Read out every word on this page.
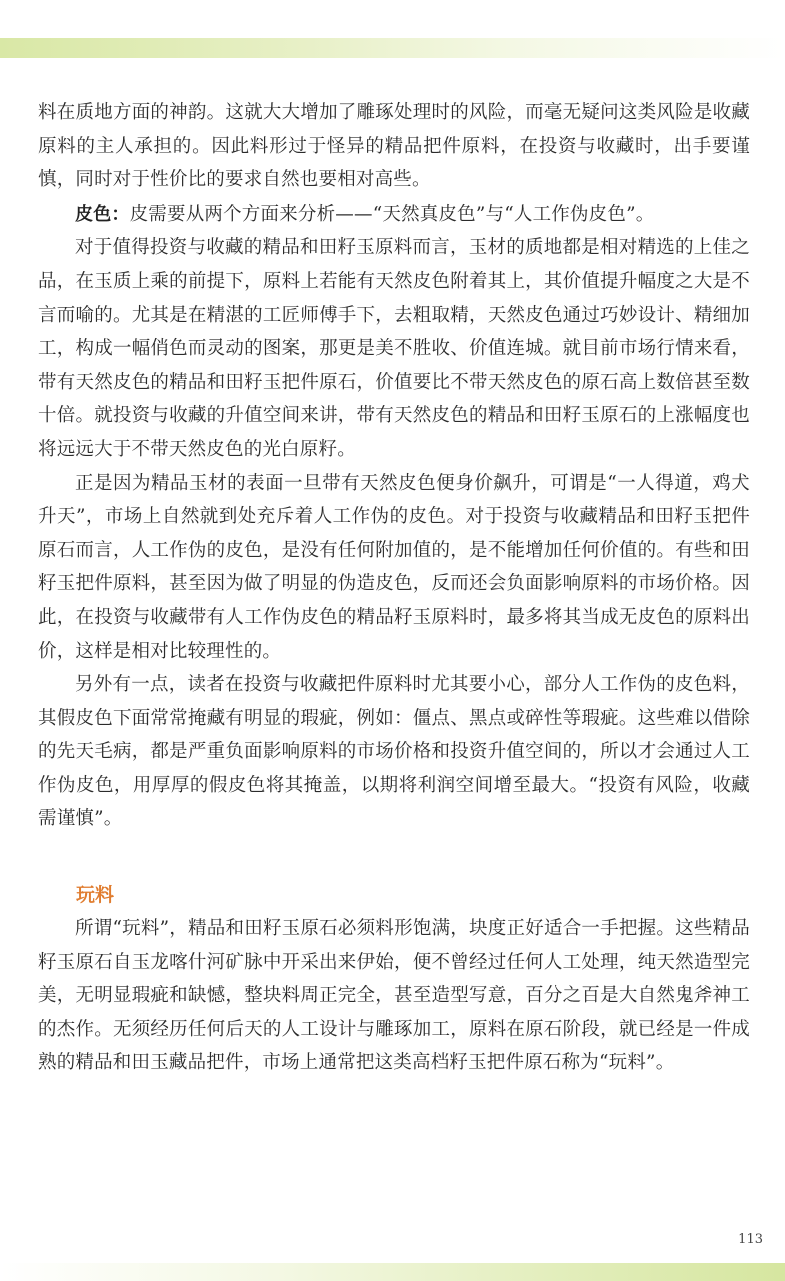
料在质地方面的神韵。这就大大增加了雕琢处理时的风险，而毫无疑问这类风险是收藏原料的主人承担的。因此料形过于怪异的精品把件原料，在投资与收藏时，出手要谨慎，同时对于性价比的要求自然也要相对高些。

皮色：皮需要从两个方面来分析——“天然真皮色”与“人工作伪皮色”。

对于值得投资与收藏的精品和田籽玉原料而言，玉材的质地都是相对精选的上佳之品，在玉质上乘的前提下，原料上若能有天然皮色附着其上，其价值提升幅度之大是不言而喻的。尤其是在精湛的工匠师傅手下，去粗取精，天然皮色通过巧妙设计、精细加工，构成一幅俏色而灵动的图案，那更是美不胜收、价值连城。就目前市场行情来看，带有天然皮色的精品和田籽玉把件原石，价值要比不带天然皮色的原石高上数倍甚至数十倍。就投资与收藏的升值空间来讲，带有天然皮色的精品和田籽玉原石的上涨幅度也将远远大于不带天然皮色的光白原籽。

正是因为精品玉材的表面一旦带有天然皮色便身价飙升，可谓是“一人得道，鸡犬升天”，市场上自然就到处充斥着人工作伪的皮色。对于投资与收藏精品和田籽玉把件原石而言，人工作伪的皮色，是没有任何附加值的，是不能增加任何价值的。有些和田籽玉把件原料，甚至因为做了明显的伪造皮色，反而还会负面影响原料的市场价格。因此，在投资与收藏带有人工作伪皮色的精品籽玉原料时，最多将其当成无皮色的原料出价，这样是相对比较理性的。

另外有一点，读者在投资与收藏把件原料时尤其要小心，部分人工作伪的皮色料，其假皮色下面常常掩藏有明显的瑕疵，例如：僵点、黑点或碎性等瑕疵。这些难以借除的先天毛病，都是严重负面影响原料的市场价格和投资升值空间的，所以才会通过人工作伪皮色，用厚厚的假皮色将其掩盖，以期将利润空间增至最大。“投资有风险，收藏需谨慎”。

玩料

所谓“玩料”，精品和田籽玉原石必须料形饱满，块度正好适合一手把握。这些精品籽玉原石自玉龙喀什河矿脉中开采出来伊始，便不曾经过任何人工处理，纯天然造型完美，无明显瑕疵和缺憾，整块料周正完全，甚至造型写意，百分之百是大自然鬼斧神工的杰作。无须经历任何后天的人工设计与雕琢加工，原料在原石阶段，就已经是一件成熟的精品和田玉藏品把件，市场上通常把这类高档籽玉把件原石称为“玩料”。

113
